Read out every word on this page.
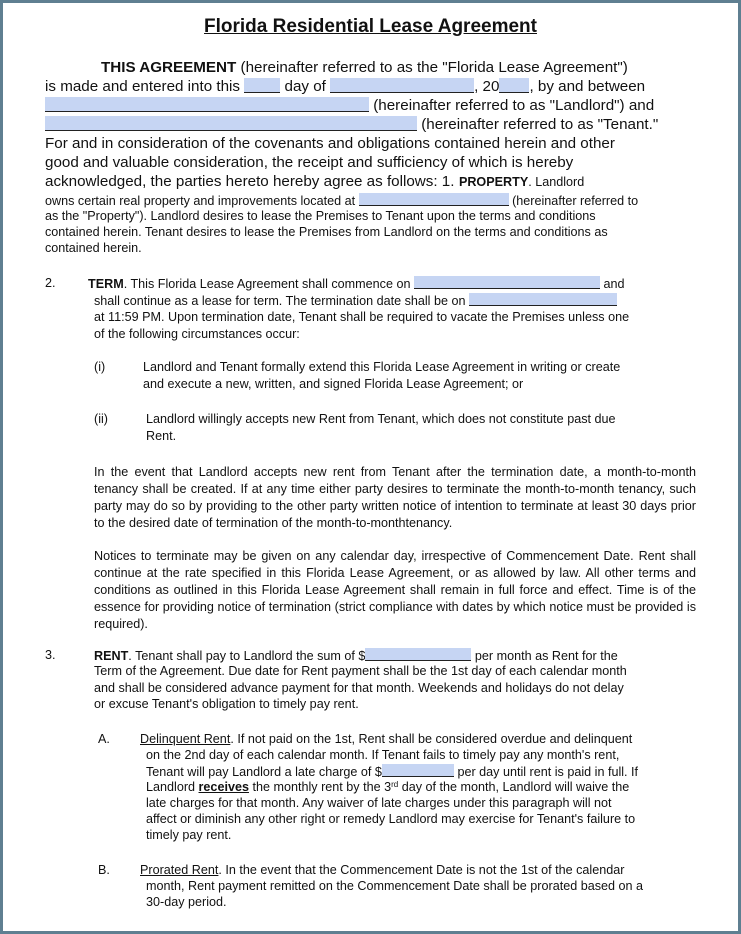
Florida Residential Lease Agreement
THIS AGREEMENT (hereinafter referred to as the "Florida Lease Agreement")
is made and entered into this	day of	, 20 , by and between
(hereinafter referred to as "Landlord") and
(hereinafter referred to as "Tenant."
For and in consideration of the covenants and obligations contained herein and other
good and valuable consideration, the receipt and sufficiency of which is hereby
acknowledged, the parties hereto hereby agree as follows: 1. PROPERTY. Landlord
owns certain real property and improvements located at	(hereinafter referred to
as the "Property"). Landlord desires to lease the Premises to Tenant upon the terms and conditions
contained herein. Tenant desires to lease the Premises from Landlord on the terms and conditions as
contained herein.
2.	TERM. This Florida Lease Agreement shall commence on	and
shall continue as a lease for term. The termination date shall be on
at 11:59 PM. Upon termination date, Tenant shall be required to vacate the Premises unless one
of the following circumstances occur:
(i)	Landlord and Tenant formally extend this Florida Lease Agreement in writing or create
and execute a new, written, and signed Florida Lease Agreement; or
(ii)	Landlord willingly accepts new Rent from Tenant, which does not constitute past due
Rent.
In the event that Landlord accepts new rent from Tenant after the termination date, a month-to-month tenancy shall be created. If at any time either party desires to terminate the month-to-month tenancy, such party may do so by providing to the other party written notice of intention to terminate at least 30 days prior to the desired date of termination of the month-to-monthtenancy.
Notices to terminate may be given on any calendar day, irrespective of Commencement Date. Rent shall continue at the rate specified in this Florida Lease Agreement, or as allowed by law. All other terms and conditions as outlined in this Florida Lease Agreement shall remain in full force and effect. Time is of the essence for providing notice of termination (strict compliance with dates by which notice must be provided is required).
3.	RENT. Tenant shall pay to Landlord the sum of $	per month as Rent for the
Term of the Agreement. Due date for Rent payment shall be the 1st day of each calendar month
and shall be considered advance payment for that month. Weekends and holidays do not delay
or excuse Tenant's obligation to timely pay rent.
A. Delinquent Rent. If not paid on the 1st, Rent shall be considered overdue and delinquent
on the 2nd day of each calendar month. If Tenant fails to timely pay any month's rent,
Tenant will pay Landlord a late charge of $	per day until rent is paid in full. If
Landlord receives the monthly rent by the 3rd day of the month, Landlord will waive the
late charges for that month. Any waiver of late charges under this paragraph will not
affect or diminish any other right or remedy Landlord may exercise for Tenant's failure to
timely pay rent.
B. Prorated Rent. In the event that the Commencement Date is not the 1st of the calendar
month, Rent payment remitted on the Commencement Date shall be prorated based on a
30-day period.
